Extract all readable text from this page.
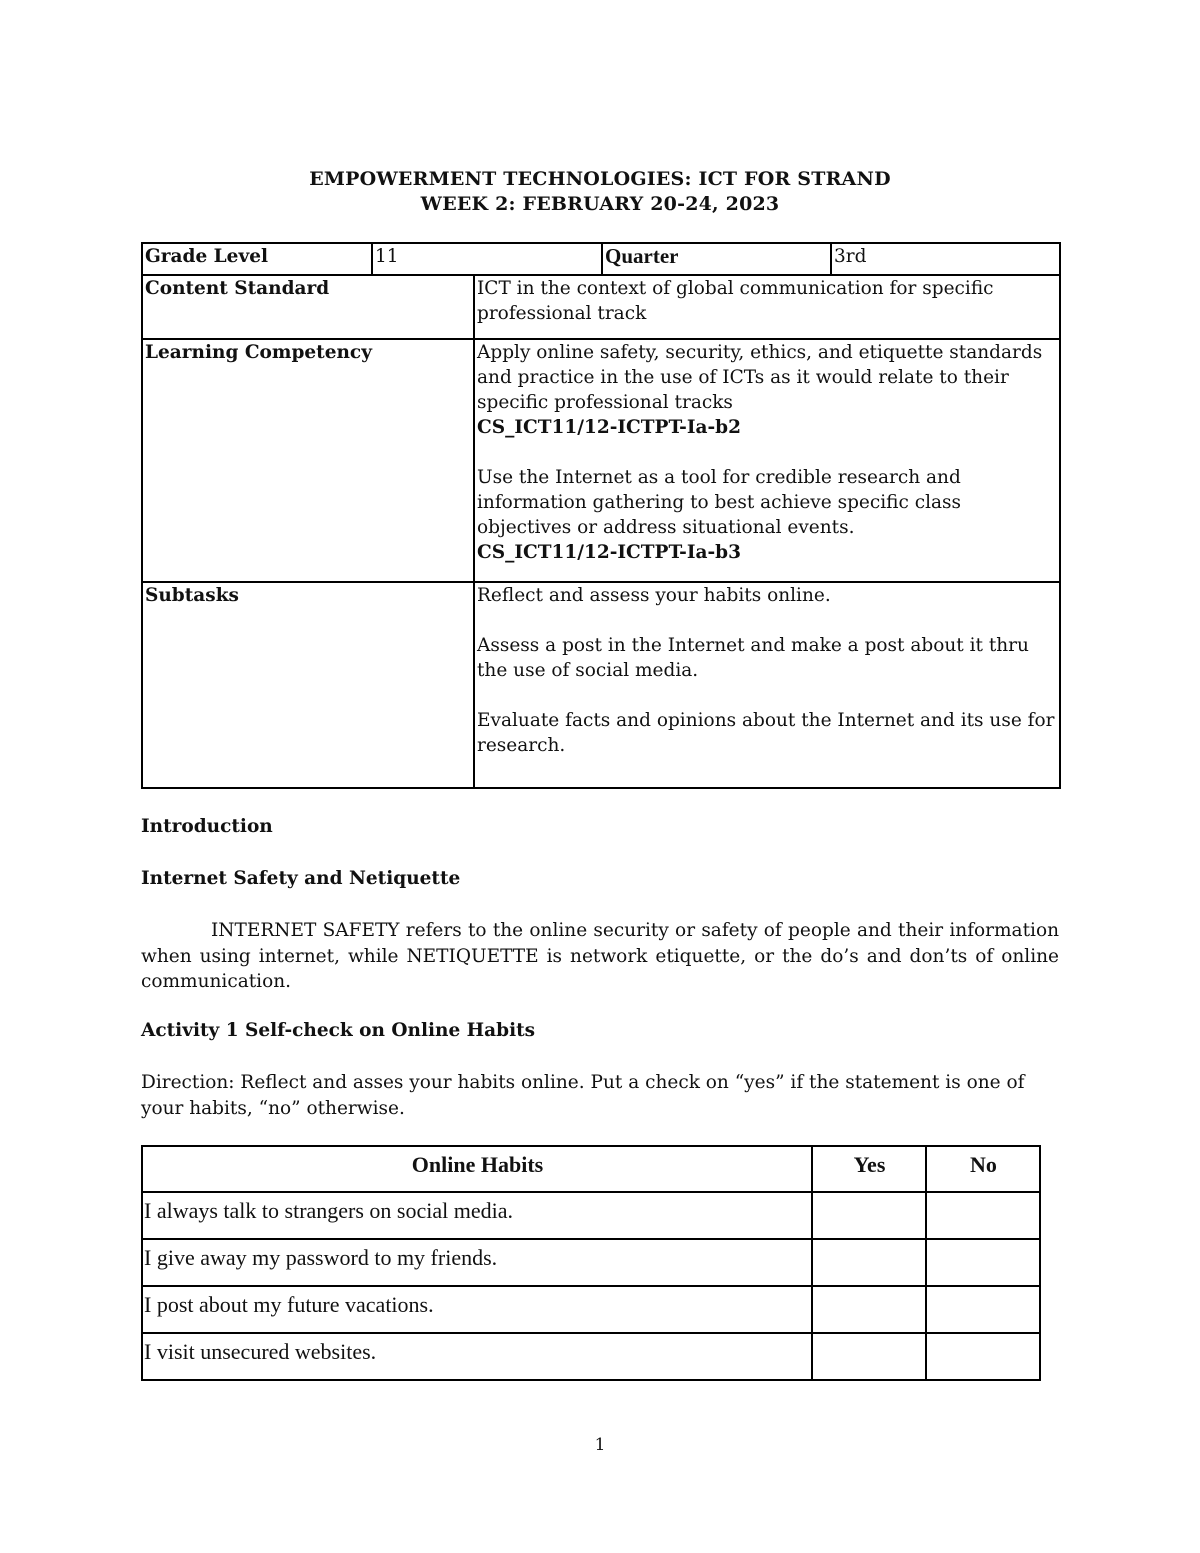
EMPOWERMENT TECHNOLOGIES: ICT FOR STRAND
WEEK 2: FEBRUARY 20-24, 2023
Grade Level	11		Quarter	3rd
Content Standard		ICT in the context of global communication for specific professional track		
Learning Competency		Apply online safety, security, ethics, and etiquette standards and practice in the use of ICTs as it would relate to their specific professional tracks
CS_ICT11/12-ICTPT-Ia-b2
Use the Internet as a tool for credible research and information gathering to best achieve specific class objectives or address situational events.
CS_ICT11/12-ICTPT-Ia-b3		

Subtasks		Reflect and assess your habits online.
Assess a post in the Internet and make a post about it thru the use of social media.
Evaluate facts and opinions about the Internet and its use for research.		
Introduction
Internet Safety and Netiquette
INTERNET SAFETY refers to the online security or safety of people and their information when using internet, while NETIQUETTE is network etiquette, or the do’s and don’ts of online communication.
Activity 1 Self-check on Online Habits
Direction: Reflect and asses your habits online. Put a check on “yes” if the statement is one of your habits, “no” otherwise.
Online Habits	Yes	No
I always talk to strangers on social media.		
I give away my password to my friends.		
I post about my future vacations.		
I visit unsecured websites.		
1
